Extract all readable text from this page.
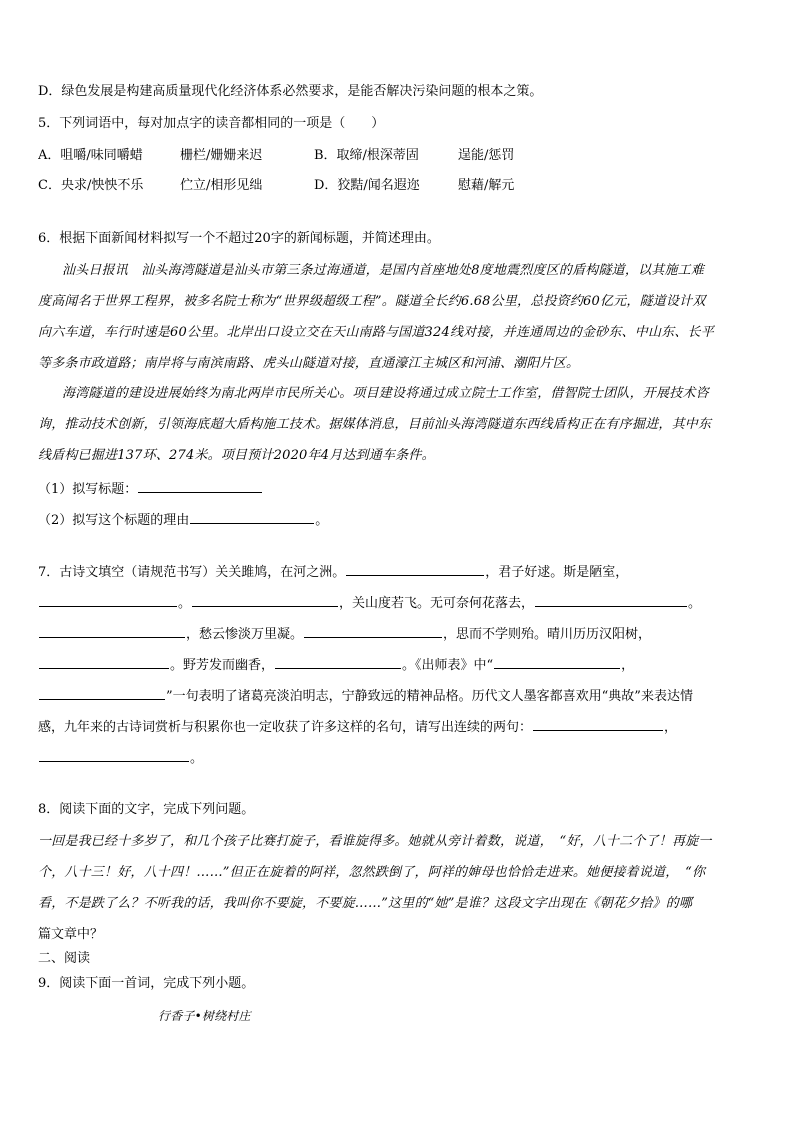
D．绿色发展是构建高质量现代化经济体系必然要求，是能否解决污染问题的根本之策。
5．下列词语中，每对加点字的读音都相同的一项是（　　）
A．咀嚼/味同嚼蜡	栅栏/姗姗来迟	B．取缔/根深蒂固	逞能/惩罚
C．央求/怏怏不乐	伫立/相形见绌	D．狡黠/闻名遐迩	慰藉/解元
6．根据下面新闻材料拟写一个不超过20字的新闻标题，并简述理由。
汕头日报讯　汕头海湾隧道是汕头市第三条过海通道，是国内首座地处8度地震烈度区的盾构隧道，以其施工难
度高闻名于世界工程界，被多名院士称为“世界级超级工程”。隧道全长约6.68公里，总投资约60亿元，隧道设计双
向六车道，车行时速是60公里。北岸出口设立交在天山南路与国道324线对接，并连通周边的金砂东、中山东、长平
等多条市政道路；南岸将与南滨南路、虎头山隧道对接，直通濠江主城区和河浦、潮阳片区。
海湾隧道的建设进展始终为南北两岸市民所关心。项目建设将通过成立院士工作室，借智院士团队，开展技术咨
询，推动技术创新，引领海底超大盾构施工技术。据媒体消息，目前汕头海湾隧道东西线盾构正在有序掘进，其中东
线盾构已掘进137环、274米。项目预计2020年4月达到通车条件。
（1）拟写标题：
（2）拟写这个标题的理由	。
7．古诗文填空（请规范书写）关关雎鸠，在河之洲。	，君子好逑。斯是陋室，
。	，关山度若飞。无可奈何花落去，	。
，愁云惨淡万里凝。	，思而不学则殆。晴川历历汉阳树，
。野芳发而幽香，	。《出师表》中“	，
”一句表明了诸葛亮淡泊明志，宁静致远的精神品格。历代文人墨客都喜欢用“典故”来表达情
感，九年来的古诗词赏析与积累你也一定收获了许多这样的名句，请写出连续的两句：	，
。
8．阅读下面的文字，完成下列问题。
一回是我已经十多岁了，和几个孩子比赛打旋子，看谁旋得多。她就从旁计着数，说道，　“好，八十二个了！再旋一
个，八十三！好，八十四！……”但正在旋着的阿祥，忽然跌倒了，阿祥的婶母也恰恰走进来。她便接着说道，　“你
看，不是跌了么？不听我的话，我叫你不要旋，不要旋……”这里的“她”是谁？这段文字出现在《朝花夕拾》的哪
篇文章中？
二、阅读
9．阅读下面一首词，完成下列小题。
行香子•树绕村庄
